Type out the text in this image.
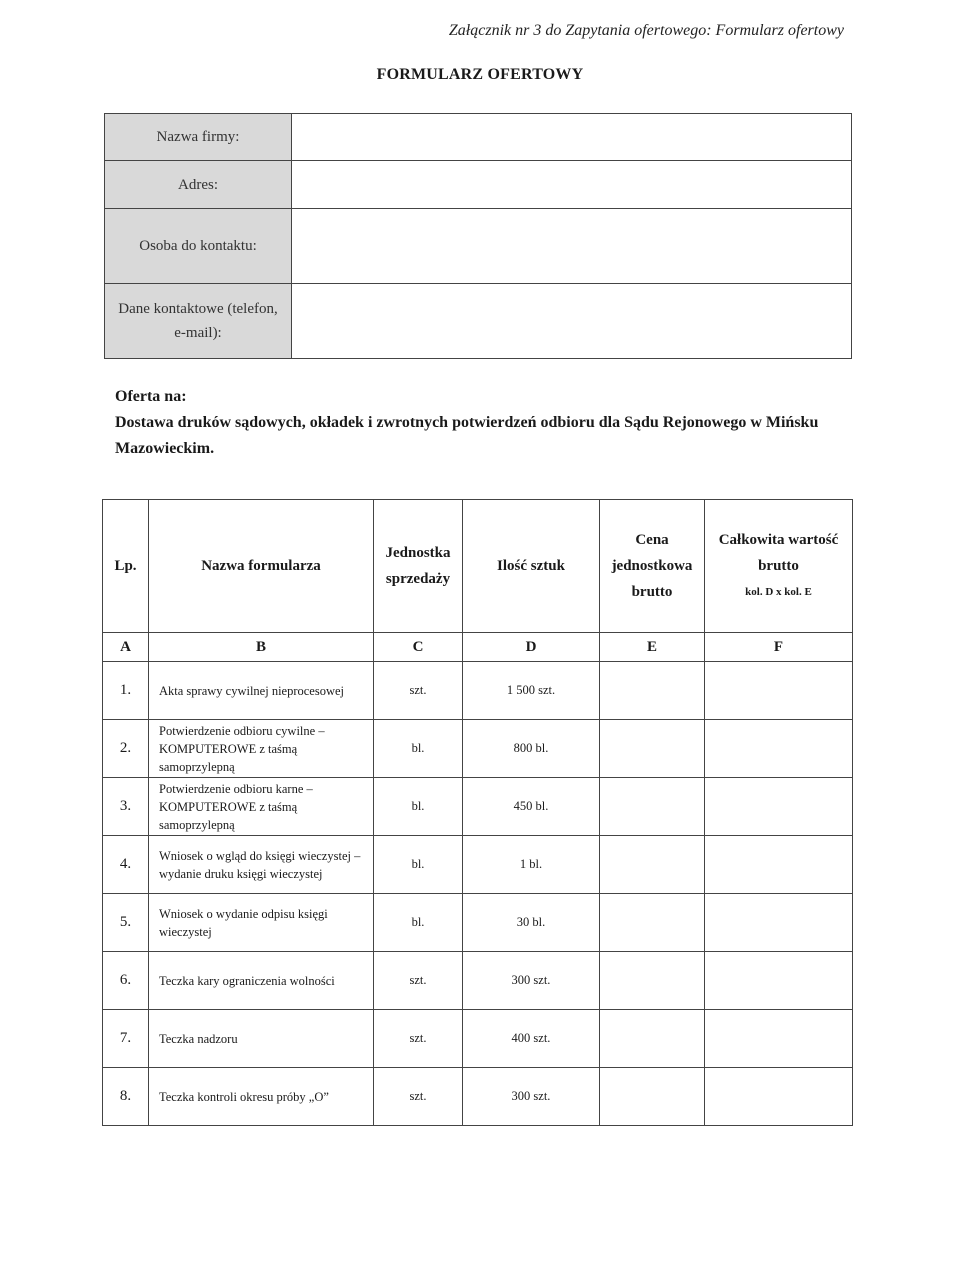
Załącznik nr 3 do Zapytania ofertowego: Formularz ofertowy
FORMULARZ OFERTOWY
Nazwa firmy:	
Adres:	
Osoba do kontaktu:	
Dane kontaktowe (telefon, e-mail):	
Oferta na:
Dostawa druków sądowych, okładek i zwrotnych potwierdzeń odbioru dla Sądu Rejonowego w Mińsku Mazowieckim.
Lp.	Nazwa formularza	Jednostka sprzedaży	Ilość sztuk	Cena jednostkowa brutto	Całkowita wartość brutto
kol. D x kol. E

A	B	C	D	E	F
1.	Akta sprawy cywilnej nieprocesowej	szt.	1 500 szt.		
2.	Potwierdzenie odbioru cywilne – KOMPUTEROWE z taśmą samoprzylepną	bl.	800 bl.		
3.	Potwierdzenie odbioru karne – KOMPUTEROWE z taśmą samoprzylepną	bl.	450 bl.		
4.	Wniosek o wgląd do księgi wieczystej – wydanie druku księgi wieczystej	bl.	1 bl.		
5.	Wniosek o wydanie odpisu księgi wieczystej	bl.	30 bl.		
6.	Teczka kary ograniczenia wolności	szt.	300 szt.		
7.	Teczka nadzoru	szt.	400 szt.		
8.	Teczka kontroli okresu próby „O”	szt.	300 szt.		
